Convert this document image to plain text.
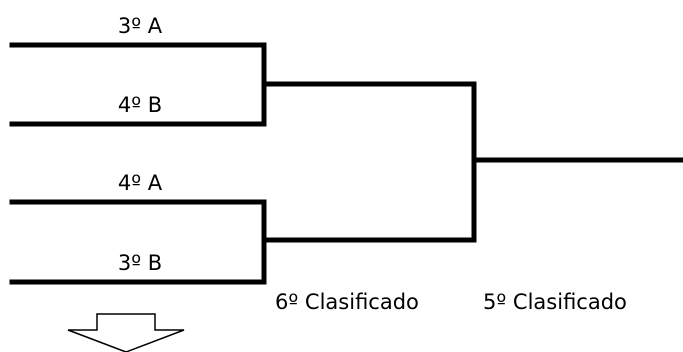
3º A
4º B
4º A
3º B
6º Clasificado	5º Clasificado
